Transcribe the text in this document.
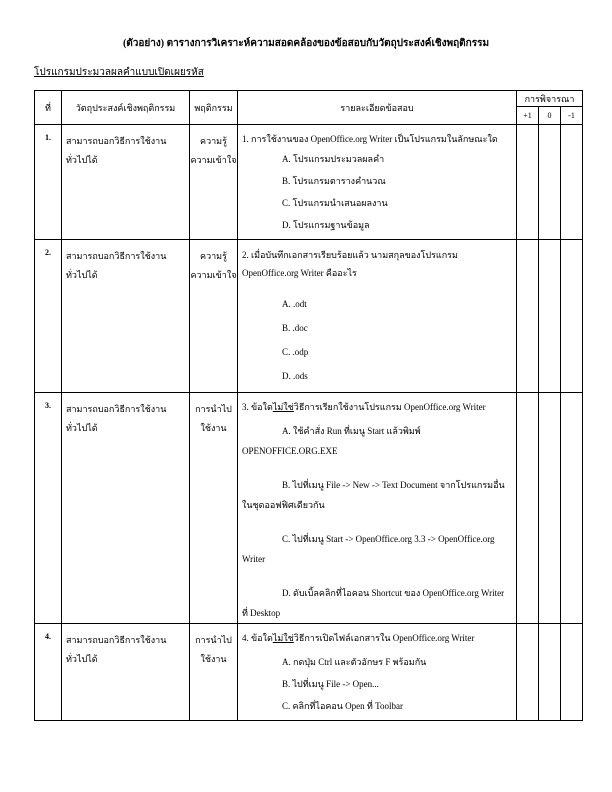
(ตัวอย่าง) ตารางการวิเคราะห์ความสอดคล้องของข้อสอบกับวัตถุประสงค์เชิงพฤติกรรม
โปรแกรมประมวลผลคำแบบเปิดเผยรหัส
ที่	วัตถุประสงค์เชิงพฤติกรรม	พฤติกรรม	รายละเอียดข้อสอบ	การพิจารณา		
				+1	0	-1
1.	สามารถบอกวิธีการใช้งานทั่วไปได้	ความรู้ความเข้าใจ	1. การใช้งานของ OpenOffice.org Writer เป็นโปรแกรมในลักษณะใด
A. โปรแกรมประมวลผลคำ
B. โปรแกรมตารางคำนวณ
C. โปรแกรมนำเสนอผลงาน
D. โปรแกรมฐานข้อมูล			

2.	สามารถบอกวิธีการใช้งานทั่วไปได้	ความรู้ความเข้าใจ	2. เมื่อบันทึกเอกสารเรียบร้อยแล้ว นามสกุลของโปรแกรม OpenOffice.org Writer คืออะไร
A. .odt
B. .doc
C. .odp
D. .ods			

3.	สามารถบอกวิธีการใช้งานทั่วไปได้	การนำไปใช้งาน	3. ข้อใดไม่ใช่วิธีการเรียกใช้งานโปรแกรม OpenOffice.org Writer
A. ใช้คำสั่ง Run ที่เมนู Start แล้วพิมพ์ OPENOFFICE.ORG.EXE
B. ไปที่เมนู File -> New -> Text Document จากโปรแกรมอื่นในชุดออฟฟิศเดียวกัน
C. ไปที่เมนู Start -> OpenOffice.org 3.3 -> OpenOffice.org Writer
D. ดับเบิ้ลคลิกที่ไอคอน Shortcut ของ OpenOffice.org Writer ที่ Desktop			

4.	สามารถบอกวิธีการใช้งานทั่วไปได้	การนำไปใช้งาน	4. ข้อใดไม่ใช่วิธีการเปิดไฟล์เอกสารใน OpenOffice.org Writer
A. กดปุ่ม Ctrl และตัวอักษร F พร้อมกัน
B. ไปที่เมนู File -> Open...
C. คลิกที่ไอคอน Open ที่ Toolbar			
